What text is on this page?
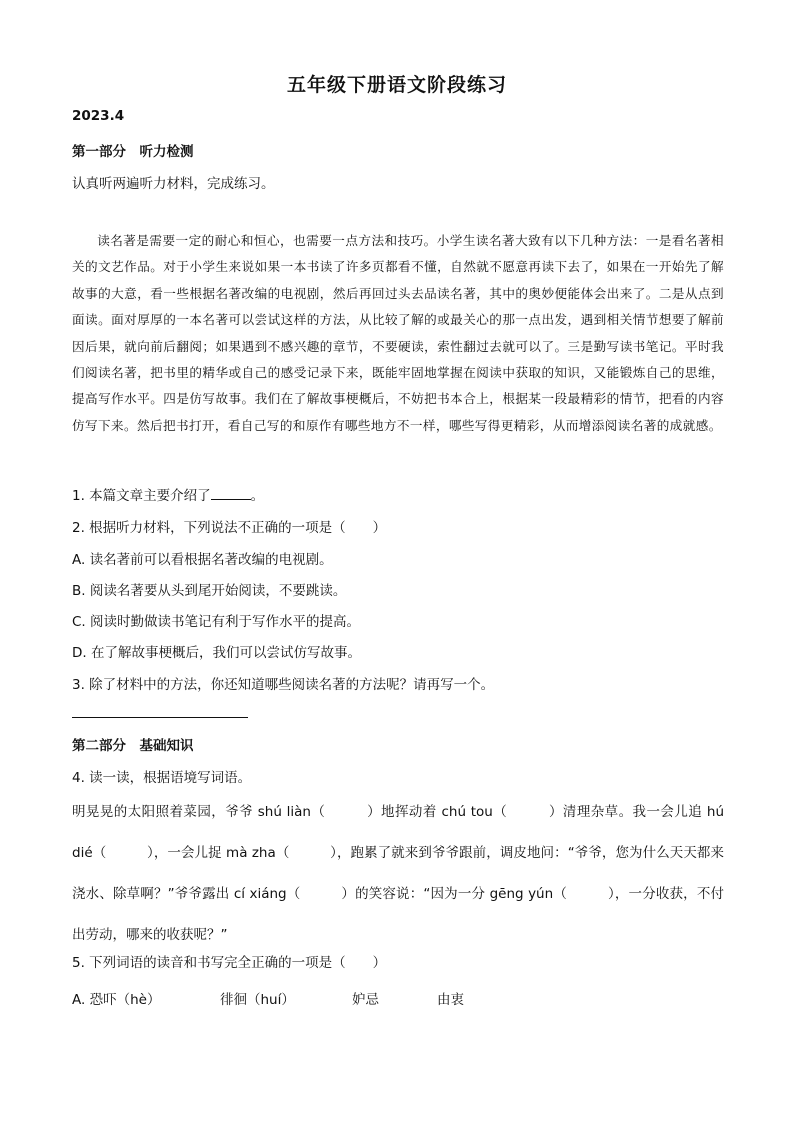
五年级下册语文阶段练习
2023.4
第一部分　听力检测
认真听两遍听力材料，完成练习。
读名著是需要一定的耐心和恒心，也需要一点方法和技巧。小学生读名著大致有以下几种方法：一是看名著相关的文艺作品。对于小学生来说如果一本书读了许多页都看不懂，自然就不愿意再读下去了，如果在一开始先了解故事的大意，看一些根据名著改编的电视剧，然后再回过头去品读名著，其中的奥妙便能体会出来了。二是从点到面读。面对厚厚的一本名著可以尝试这样的方法，从比较了解的或最关心的那一点出发，遇到相关情节想要了解前因后果，就向前后翻阅；如果遇到不感兴趣的章节，不要硬读，索性翻过去就可以了。三是勤写读书笔记。平时我们阅读名著，把书里的精华或自己的感受记录下来，既能牢固地掌握在阅读中获取的知识，又能锻炼自己的思维，提高写作水平。四是仿写故事。我们在了解故事梗概后，不妨把书本合上，根据某一段最精彩的情节，把看的内容仿写下来。然后把书打开，看自己写的和原作有哪些地方不一样，哪些写得更精彩，从而增添阅读名著的成就感。
1. 本篇文章主要介绍了	。
2. 根据听力材料，下列说法不正确的一项是（　　）
A. 读名著前可以看根据名著改编的电视剧。
B. 阅读名著要从头到尾开始阅读，不要跳读。
C. 阅读时勤做读书笔记有利于写作水平的提高。
D. 在了解故事梗概后，我们可以尝试仿写故事。
3. 除了材料中的方法，你还知道哪些阅读名著的方法呢？请再写一个。
第二部分　基础知识
4. 读一读，根据语境写词语。
明晃晃的太阳照着菜园，爷爷 shú liàn（　　　）地挥动着 chú tou（　　　）清理杂草。我一会儿追 hú dié（　　　），一会儿捉 mà zha（　　　），跑累了就来到爷爷跟前，调皮地问：“爷爷，您为什么天天都来浇水、除草啊？”爷爷露出 cí xiáng（　　　）的笑容说：“因为一分 gēng yún（　　　），一分收获，不付出劳动，哪来的收获呢？”
5. 下列词语的读音和书写完全正确的一项是（　　）
A. 恐吓（hè）	徘徊（huí）	妒忌	由衷
